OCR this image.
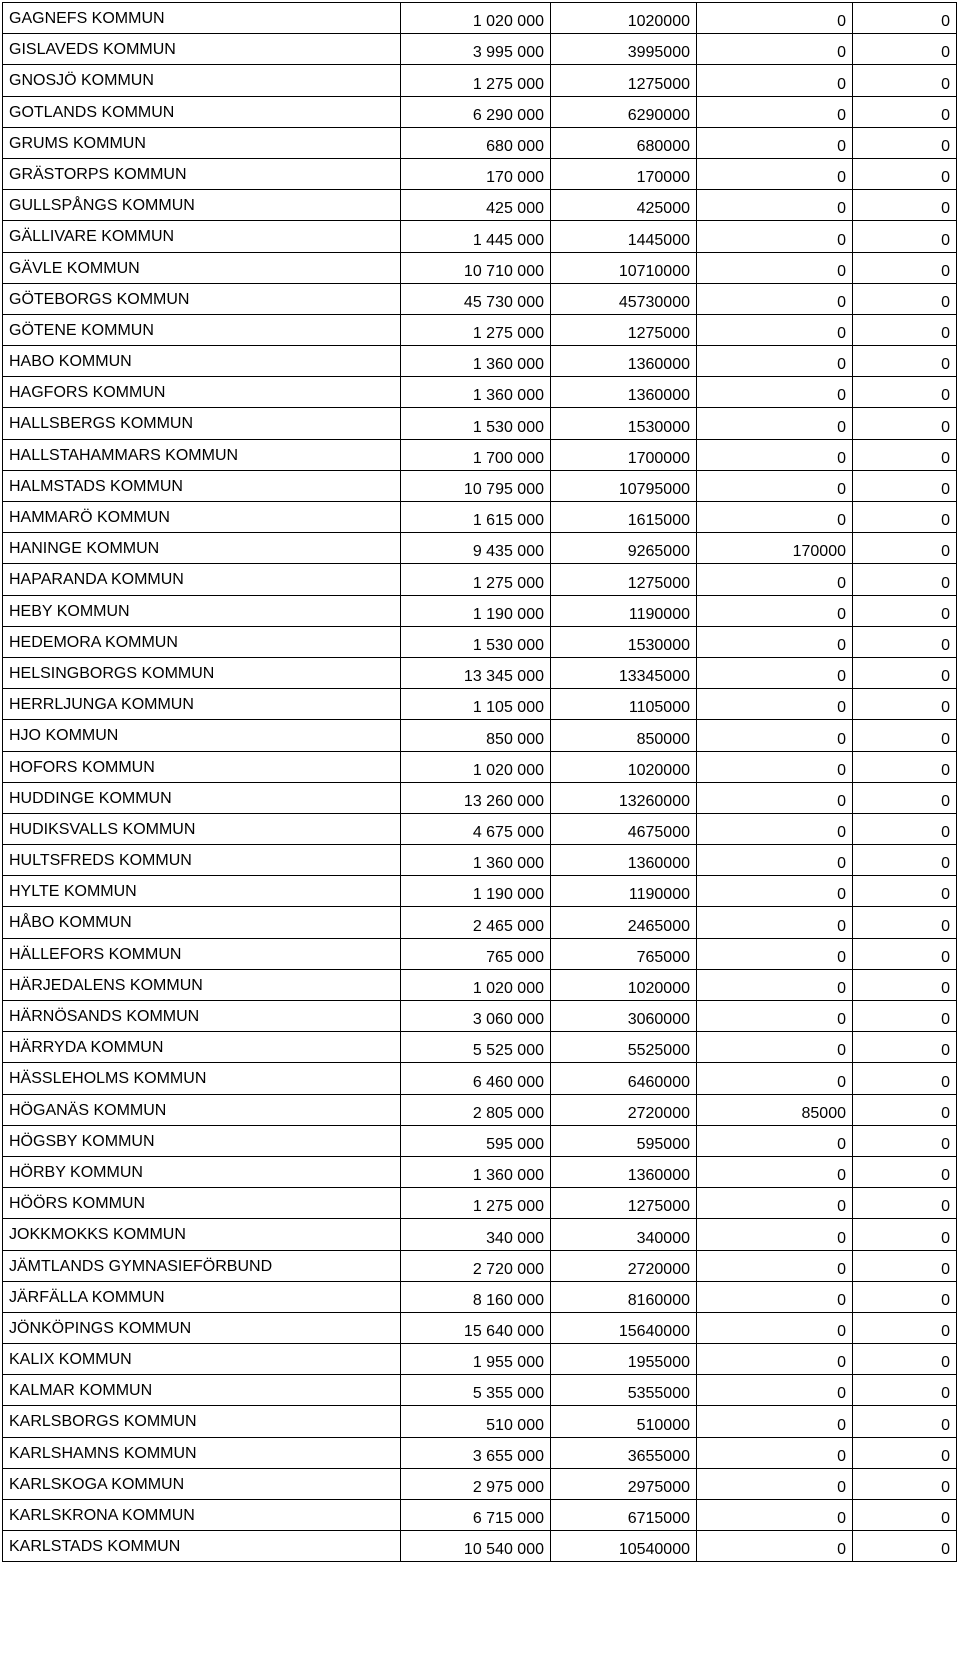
GAGNEFS KOMMUN	1 020 000	1020000	0	0
GISLAVEDS KOMMUN	3 995 000	3995000	0	0
GNOSJÖ KOMMUN	1 275 000	1275000	0	0
GOTLANDS KOMMUN	6 290 000	6290000	0	0
GRUMS KOMMUN	680 000	680000	0	0
GRÄSTORPS KOMMUN	170 000	170000	0	0
GULLSPÅNGS KOMMUN	425 000	425000	0	0
GÄLLIVARE KOMMUN	1 445 000	1445000	0	0
GÄVLE KOMMUN	10 710 000	10710000	0	0
GÖTEBORGS KOMMUN	45 730 000	45730000	0	0
GÖTENE KOMMUN	1 275 000	1275000	0	0
HABO KOMMUN	1 360 000	1360000	0	0
HAGFORS KOMMUN	1 360 000	1360000	0	0
HALLSBERGS KOMMUN	1 530 000	1530000	0	0
HALLSTAHAMMARS KOMMUN	1 700 000	1700000	0	0
HALMSTADS KOMMUN	10 795 000	10795000	0	0
HAMMARÖ KOMMUN	1 615 000	1615000	0	0
HANINGE KOMMUN	9 435 000	9265000	170000	0
HAPARANDA KOMMUN	1 275 000	1275000	0	0
HEBY KOMMUN	1 190 000	1190000	0	0
HEDEMORA KOMMUN	1 530 000	1530000	0	0
HELSINGBORGS KOMMUN	13 345 000	13345000	0	0
HERRLJUNGA KOMMUN	1 105 000	1105000	0	0
HJO KOMMUN	850 000	850000	0	0
HOFORS KOMMUN	1 020 000	1020000	0	0
HUDDINGE KOMMUN	13 260 000	13260000	0	0
HUDIKSVALLS KOMMUN	4 675 000	4675000	0	0
HULTSFREDS KOMMUN	1 360 000	1360000	0	0
HYLTE KOMMUN	1 190 000	1190000	0	0
HÅBO KOMMUN	2 465 000	2465000	0	0
HÄLLEFORS KOMMUN	765 000	765000	0	0
HÄRJEDALENS KOMMUN	1 020 000	1020000	0	0
HÄRNÖSANDS KOMMUN	3 060 000	3060000	0	0
HÄRRYDA KOMMUN	5 525 000	5525000	0	0
HÄSSLEHOLMS KOMMUN	6 460 000	6460000	0	0
HÖGANÄS KOMMUN	2 805 000	2720000	85000	0
HÖGSBY KOMMUN	595 000	595000	0	0
HÖRBY KOMMUN	1 360 000	1360000	0	0
HÖÖRS KOMMUN	1 275 000	1275000	0	0
JOKKMOKKS KOMMUN	340 000	340000	0	0
JÄMTLANDS GYMNASIEFÖRBUND	2 720 000	2720000	0	0
JÄRFÄLLA KOMMUN	8 160 000	8160000	0	0
JÖNKÖPINGS KOMMUN	15 640 000	15640000	0	0
KALIX KOMMUN	1 955 000	1955000	0	0
KALMAR KOMMUN	5 355 000	5355000	0	0
KARLSBORGS KOMMUN	510 000	510000	0	0
KARLSHAMNS KOMMUN	3 655 000	3655000	0	0
KARLSKOGA KOMMUN	2 975 000	2975000	0	0
KARLSKRONA KOMMUN	6 715 000	6715000	0	0
KARLSTADS KOMMUN	10 540 000	10540000	0	0
